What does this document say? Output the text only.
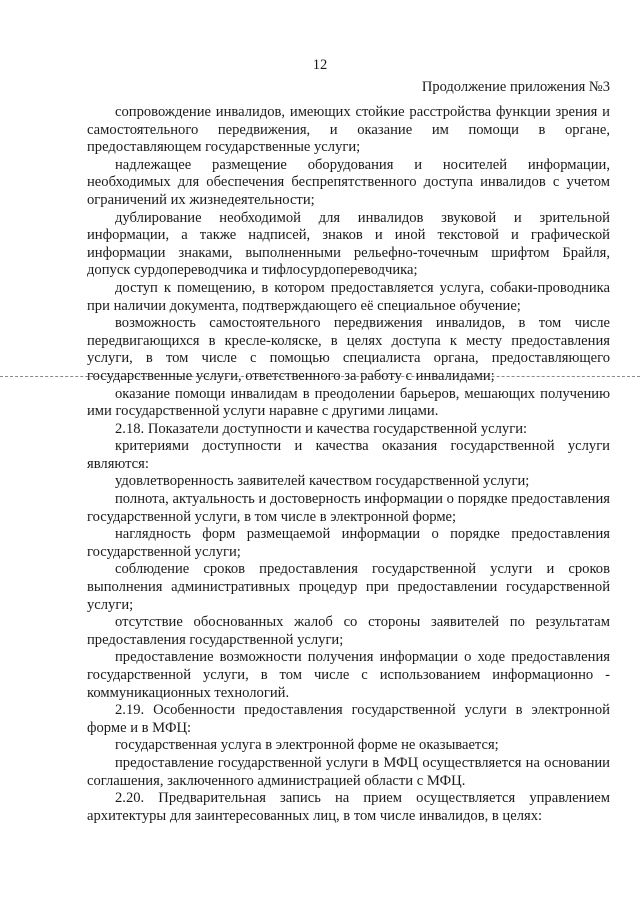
12
Продолжение приложения №3

сопровождение инвалидов, имеющих стойкие расстройства функции зрения и самостоятельного передвижения, и оказание им помощи в органе, предоставляющем государственные услуги;

надлежащее размещение оборудования и носителей информации, необходимых для обеспечения беспрепятственного доступа инвалидов с учетом ограничений их жизнедеятельности;

дублирование необходимой для инвалидов звуковой и зрительной информации, а также надписей, знаков и иной текстовой и графической информации знаками, выполненными рельефно-точечным шрифтом Брайля, допуск сурдопереводчика и тифлосурдопереводчика;

доступ к помещению, в котором предоставляется услуга, собаки-проводника при наличии документа, подтверждающего её специальное обучение;

возможность самостоятельного передвижения инвалидов, в том числе передвигающихся в кресле-коляске, в целях доступа к месту предоставления услуги, в том числе с помощью специалиста органа, предоставляющего государственные услуги, ответственного за работу с инвалидами;

оказание помощи инвалидам в преодолении барьеров, мешающих получению ими государственной услуги наравне с другими лицами.

2.18. Показатели доступности и качества государственной услуги:

критериями доступности и качества оказания государственной услуги являются:

удовлетворенность заявителей качеством государственной услуги;

полнота, актуальность и достоверность информации о порядке предоставления государственной услуги, в том числе в электронной форме;

наглядность форм размещаемой информации о порядке предоставления государственной услуги;

соблюдение сроков предоставления государственной услуги и сроков выполнения административных процедур при предоставлении государственной услуги;

отсутствие обоснованных жалоб со стороны заявителей по результатам предоставления государственной услуги;

предоставление возможности получения информации о ходе предоставления государственной услуги, в том числе с использованием информационно - коммуникационных технологий.

2.19. Особенности предоставления государственной услуги в электронной форме и в МФЦ:

государственная услуга в электронной форме не оказывается;

предоставление государственной услуги в МФЦ осуществляется на основании соглашения, заключенного администрацией области с МФЦ.

2.20. Предварительная запись на прием осуществляется управлением архитектуры для заинтересованных лиц, в том числе инвалидов, в целях:
